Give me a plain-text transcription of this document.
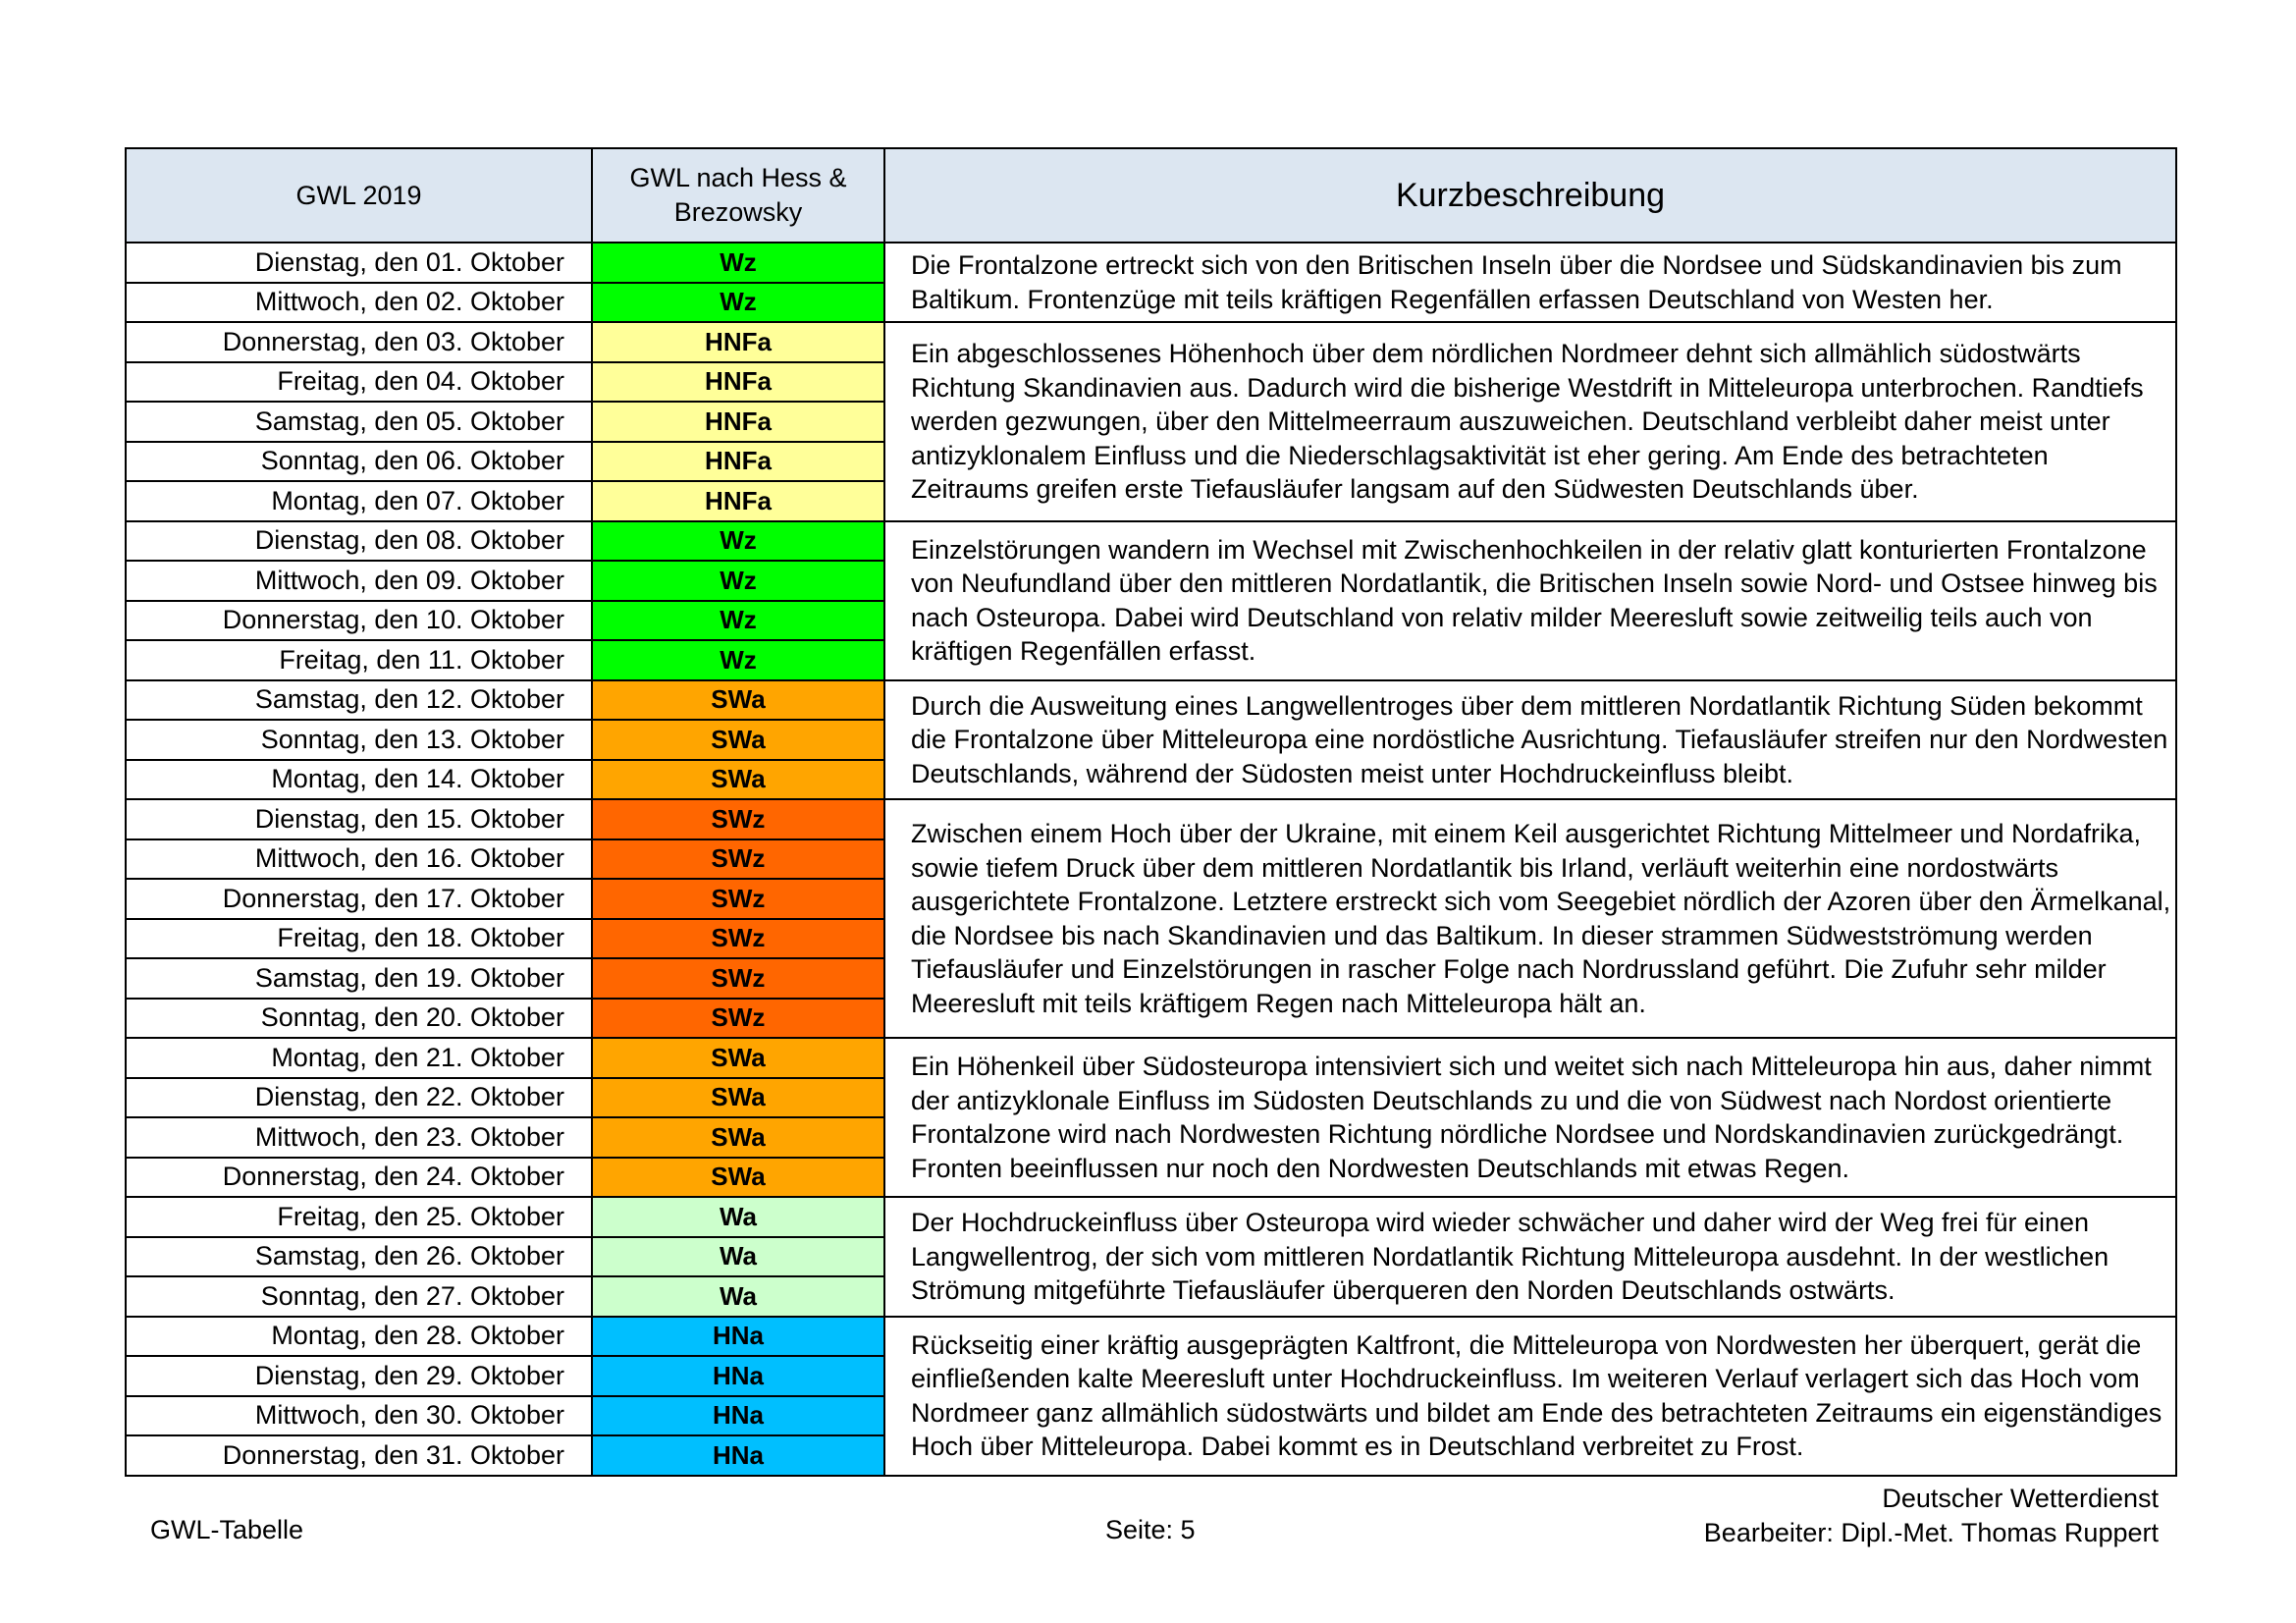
GWL 2019	GWL nach Hess & Brezowsky	Kurzbeschreibung
Dienstag, den 01. Oktober	Wz	Die Frontalzone ertreckt sich von den Britischen Inseln über die Nordsee und Südskandinavien bis zum Baltikum. Frontenzüge mit teils kräftigen Regenfällen erfassen Deutschland von Westen her.
Mittwoch, den 02. Oktober	Wz	
Donnerstag, den 03. Oktober	HNFa	Ein abgeschlossenes Höhenhoch über dem nördlichen Nordmeer dehnt sich allmählich südostwärts Richtung Skandinavien aus. Dadurch wird die bisherige Westdrift in Mitteleuropa unterbrochen. Randtiefs werden gezwungen, über den Mittelmeerraum auszuweichen. Deutschland verbleibt daher meist unter antizyklonalem Einfluss und die Niederschlagsaktivität ist eher gering. Am Ende des betrachteten Zeitraums greifen erste Tiefausläufer langsam auf den Südwesten Deutschlands über.
Freitag, den 04. Oktober	HNFa	
Samstag, den 05. Oktober	HNFa	
Sonntag, den 06. Oktober	HNFa	
Montag, den 07. Oktober	HNFa	
Dienstag, den 08. Oktober	Wz	Einzelstörungen wandern im Wechsel mit Zwischenhochkeilen in der relativ glatt konturierten Frontalzone von Neufundland über den mittleren Nordatlantik, die Britischen Inseln sowie Nord- und Ostsee hinweg bis nach Osteuropa. Dabei wird Deutschland von relativ milder Meeresluft sowie zeitweilig teils auch von kräftigen Regenfällen erfasst.
Mittwoch, den 09. Oktober	Wz	
Donnerstag, den 10. Oktober	Wz	
Freitag, den 11. Oktober	Wz	
Samstag, den 12. Oktober	SWa	Durch die Ausweitung eines Langwellentroges über dem mittleren Nordatlantik Richtung Süden bekommt die Frontalzone über Mitteleuropa eine nordöstliche Ausrichtung. Tiefausläufer streifen nur den Nordwesten Deutschlands, während der Südosten meist unter Hochdruckeinfluss bleibt.
Sonntag, den 13. Oktober	SWa	
Montag, den 14. Oktober	SWa	
Dienstag, den 15. Oktober	SWz	Zwischen einem Hoch über der Ukraine, mit einem Keil ausgerichtet Richtung Mittelmeer und Nordafrika, sowie tiefem Druck über dem mittleren Nordatlantik bis Irland, verläuft weiterhin eine nordostwärts ausgerichtete Frontalzone. Letztere erstreckt sich vom Seegebiet nördlich der Azoren über den Ärmelkanal, die Nordsee bis nach Skandinavien und das Baltikum. In dieser strammen Südwestströmung werden Tiefausläufer und Einzelstörungen in rascher Folge nach Nordrussland geführt. Die Zufuhr sehr milder Meeresluft mit teils kräftigem Regen nach Mitteleuropa hält an.
Mittwoch, den 16. Oktober	SWz	
Donnerstag, den 17. Oktober	SWz	
Freitag, den 18. Oktober	SWz	
Samstag, den 19. Oktober	SWz	
Sonntag, den 20. Oktober	SWz	
Montag, den 21. Oktober	SWa	Ein Höhenkeil über Südosteuropa intensiviert sich und weitet sich nach Mitteleuropa hin aus, daher nimmt der antizyklonale Einfluss im Südosten Deutschlands zu und die von Südwest nach Nordost orientierte Frontalzone wird nach Nordwesten Richtung nördliche Nordsee und Nordskandinavien zurückgedrängt. Fronten beeinflussen nur noch den Nordwesten Deutschlands mit etwas Regen.
Dienstag, den 22. Oktober	SWa	
Mittwoch, den 23. Oktober	SWa	
Donnerstag, den 24. Oktober	SWa	
Freitag, den 25. Oktober	Wa	Der Hochdruckeinfluss über Osteuropa wird wieder schwächer und daher wird der Weg frei für einen Langwellentrog, der sich vom mittleren Nordatlantik Richtung Mitteleuropa ausdehnt. In der westlichen Strömung mitgeführte Tiefausläufer überqueren den Norden Deutschlands ostwärts.
Samstag, den 26. Oktober	Wa	
Sonntag, den 27. Oktober	Wa	
Montag, den 28. Oktober	HNa	Rückseitig einer kräftig ausgeprägten Kaltfront, die Mitteleuropa von Nordwesten her überquert, gerät die einfließenden kalte Meeresluft unter Hochdruckeinfluss. Im weiteren Verlauf verlagert sich das Hoch vom Nordmeer ganz allmählich südostwärts und bildet am Ende des betrachteten Zeitraums ein eigenständiges Hoch über Mitteleuropa. Dabei kommt es in Deutschland verbreitet zu Frost.
Dienstag, den 29. Oktober	HNa	
Mittwoch, den 30. Oktober	HNa	
Donnerstag, den 31. Oktober	HNa	
GWL-Tabelle	Seite: 5
Deutscher Wetterdienst
Bearbeiter: Dipl.-Met. Thomas Ruppert
